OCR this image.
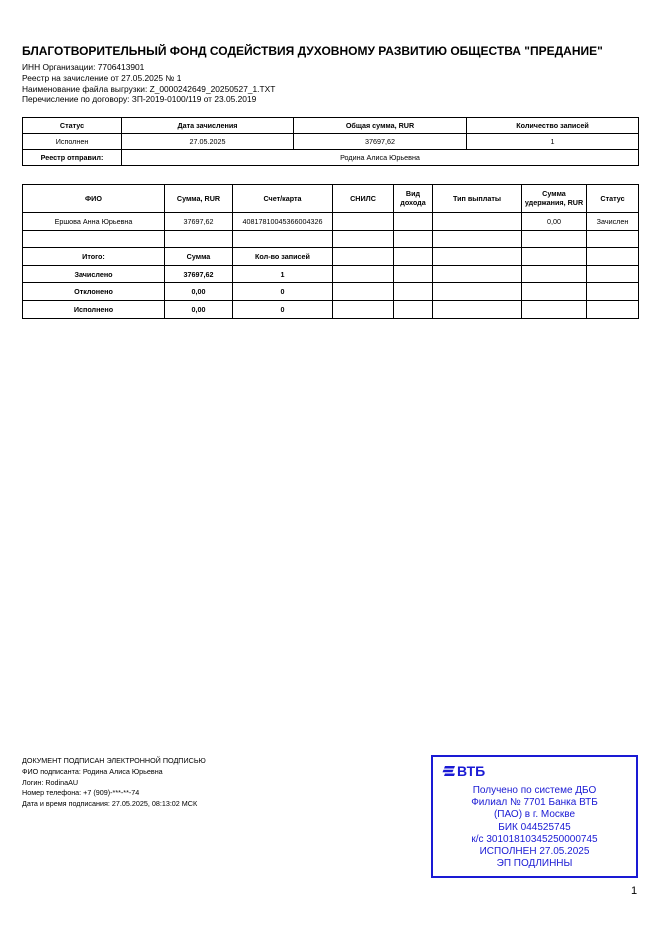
БЛАГОТВОРИТЕЛЬНЫЙ ФОНД СОДЕЙСТВИЯ ДУХОВНОМУ РАЗВИТИЮ ОБЩЕСТВА "ПРЕДАНИЕ"
ИНН Организации: 7706413901
Реестр на зачисление от 27.05.2025 № 1
Наименование файла выгрузки: Z_0000242649_20250527_1.TXT
Перечисление по договору: ЗП-2019-0100/119 от 23.05.2019
Статус	Дата зачисления	Общая сумма, RUR	Количество записей
Исполнен	27.05.2025	37697,62	1
Реестр отправил:	Родина Алиса Юрьевна		
ФИО	Сумма, RUR	Счет/карта	СНИЛС	Вид дохода	Тип выплаты	Сумма удержания, RUR	Статус
Ершова Анна Юрьевна	37697,62	40817810045366004326				0,00	Зачислен

Итого:	Сумма	Кол-во записей					
Зачислено	37697,62	1					
Отклонено	0,00	0					
Исполнено	0,00	0					
ДОКУМЕНТ ПОДПИСАН ЭЛЕКТРОННОЙ ПОДПИСЬЮ
ФИО подписанта: Родина Алиса Юрьевна
Логин: RodinaAU
Номер телефона: +7 (909)-***-**-74
Дата и время подписания: 27.05.2025, 08:13:02 МСК
ВТБ
Получено по системе ДБО
Филиал № 7701 Банка ВТБ
(ПАО) в г. Москве
БИК 044525745
к/с 30101810345250000745
ИСПОЛНЕН 27.05.2025
ЭП ПОДЛИННЫ
1
